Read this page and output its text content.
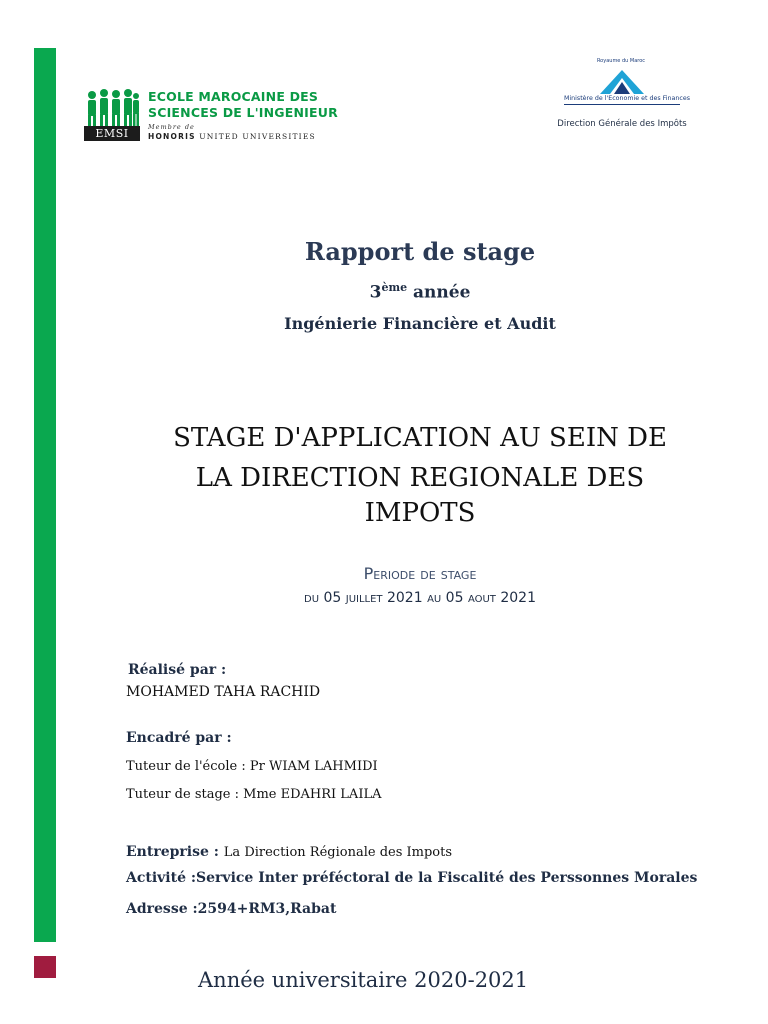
EMSI
ECOLE MAROCAINE DES
SCIENCES DE L'INGENIEUR
Membre de
HONORIS UNITED UNIVERSITIES
Royaume du Maroc
Ministère de l'Economie et des Finances
Direction Générale des Impôts
Rapport de stage
3ème année
Ingénierie Financière et Audit
STAGE D'APPLICATION AU SEIN DE
LA DIRECTION REGIONALE DES
IMPOTS
Periode de stage
du 05 juillet 2021 au 05 aout 2021
Réalisé par :
MOHAMED TAHA RACHID
Encadré par :
Tuteur de l'école : Pr WIAM LAHMIDI
Tuteur de stage : Mme EDAHRI LAILA
Entreprise : La Direction Régionale des Impots
Activité :Service Inter préféctoral de la Fiscalité des Perssonnes Morales
Adresse :2594+RM3,Rabat
Année universitaire 2020-2021
